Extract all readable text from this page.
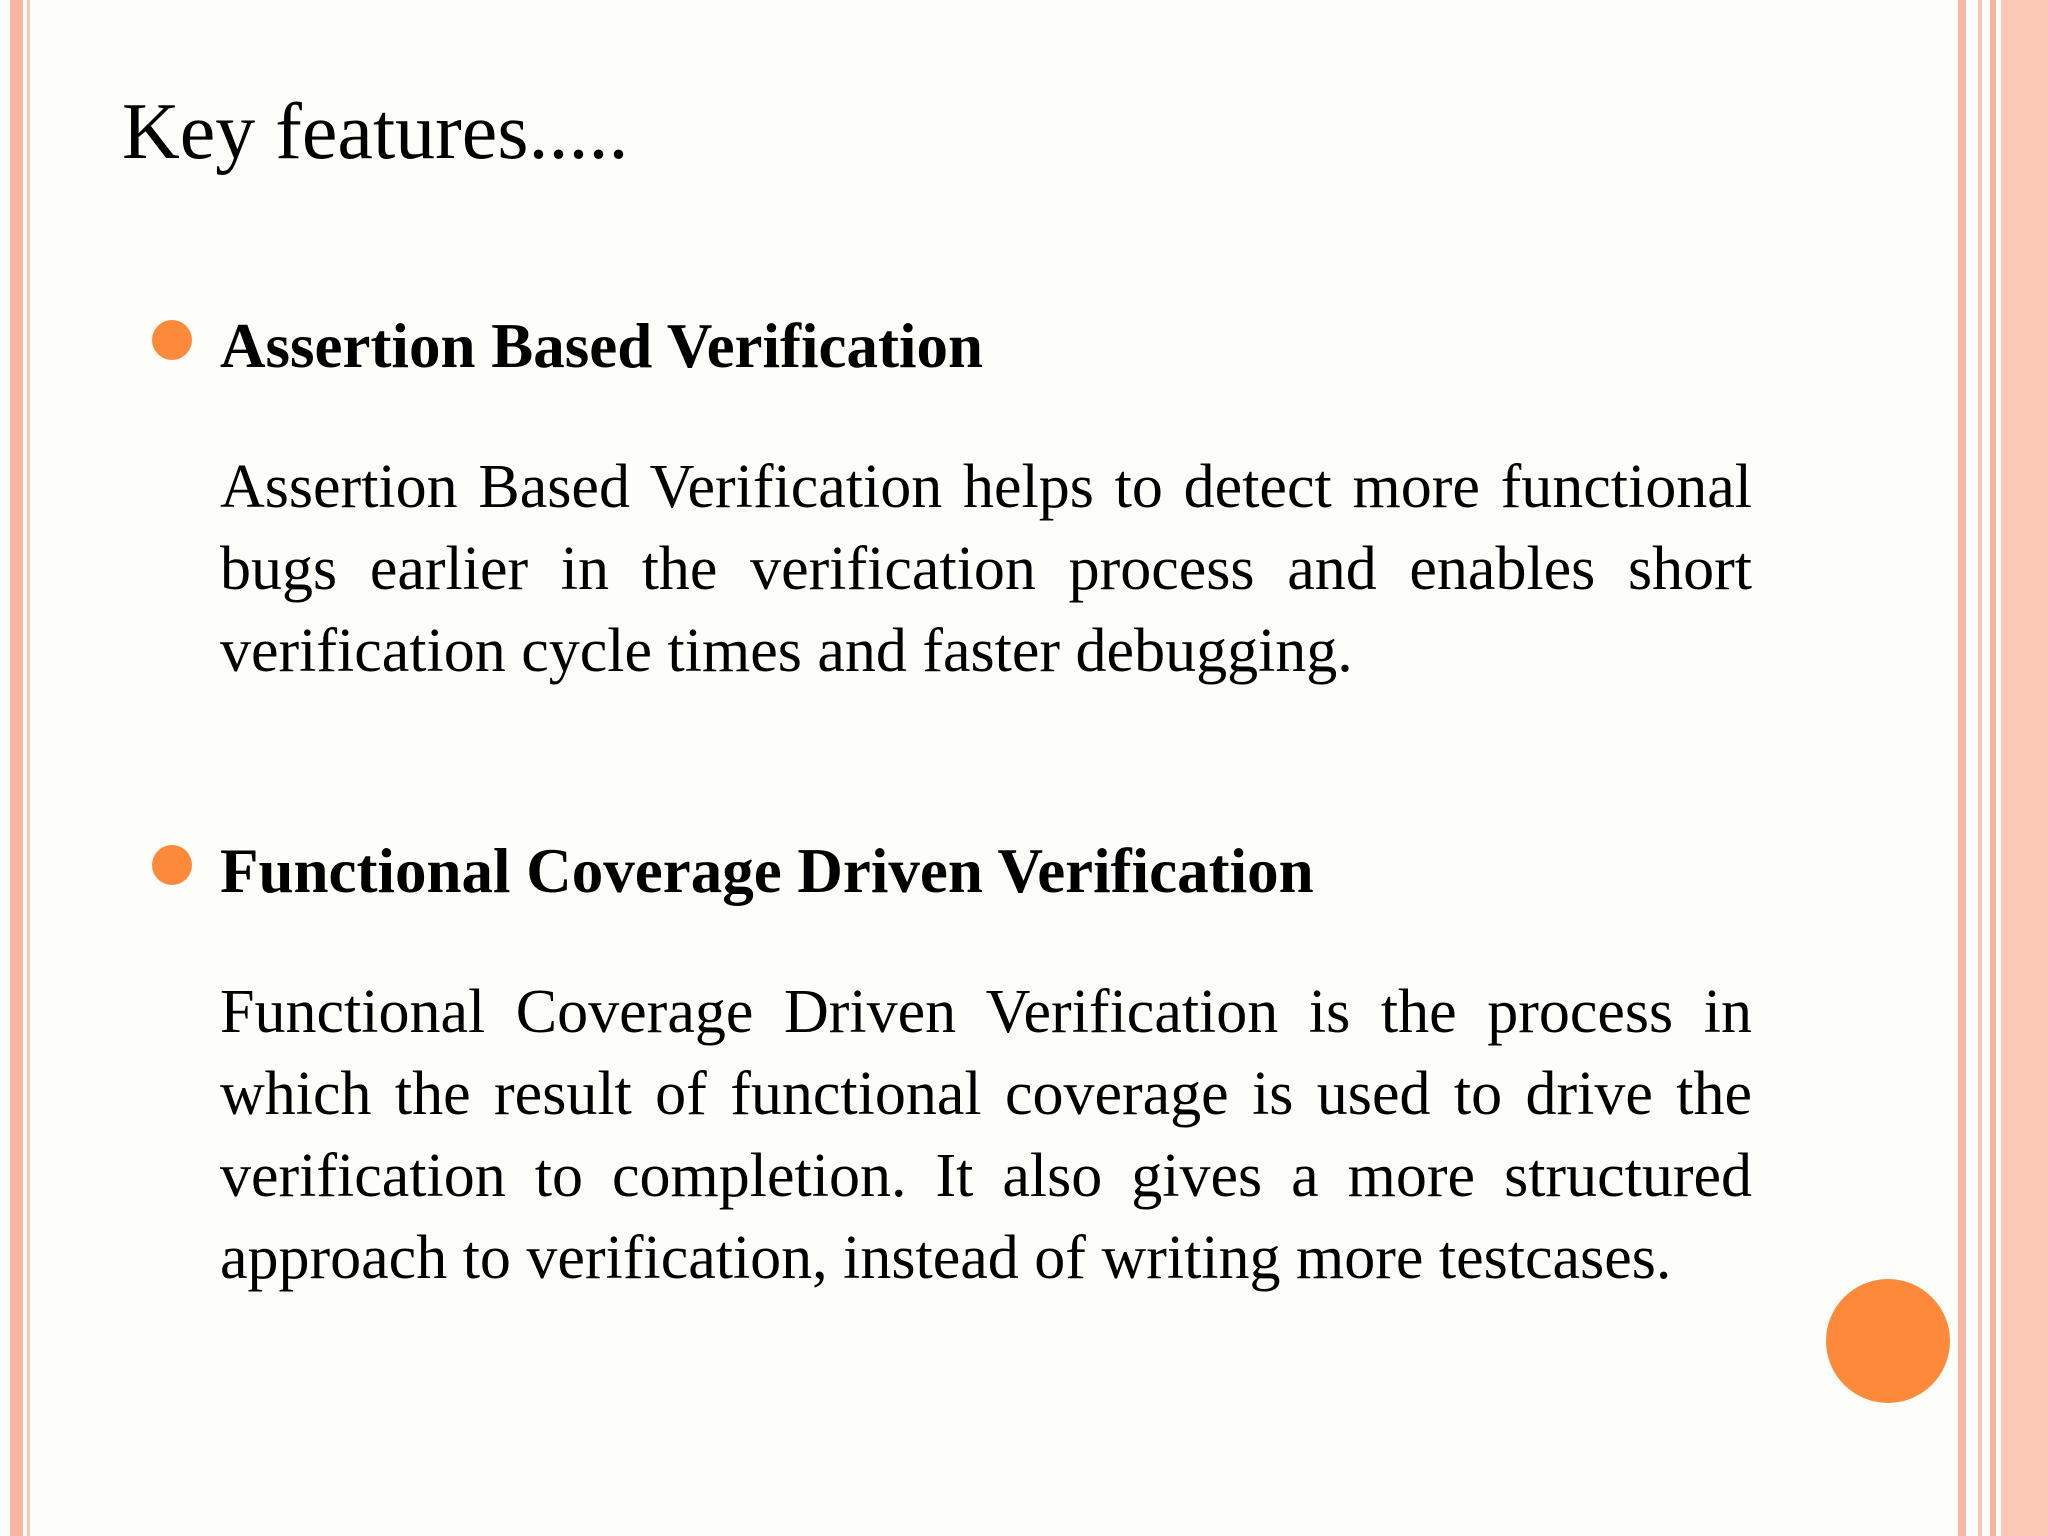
Key features.....
Assertion Based Verification
Assertion Based Verification helps to detect more functional bugs earlier in the verification process and enables short verification cycle times and faster debugging.
Functional Coverage Driven Verification
Functional Coverage Driven Verification is the process in which the result of functional coverage is used to drive the verification to completion. It also gives a more structured approach to verification, instead of writing more testcases.
